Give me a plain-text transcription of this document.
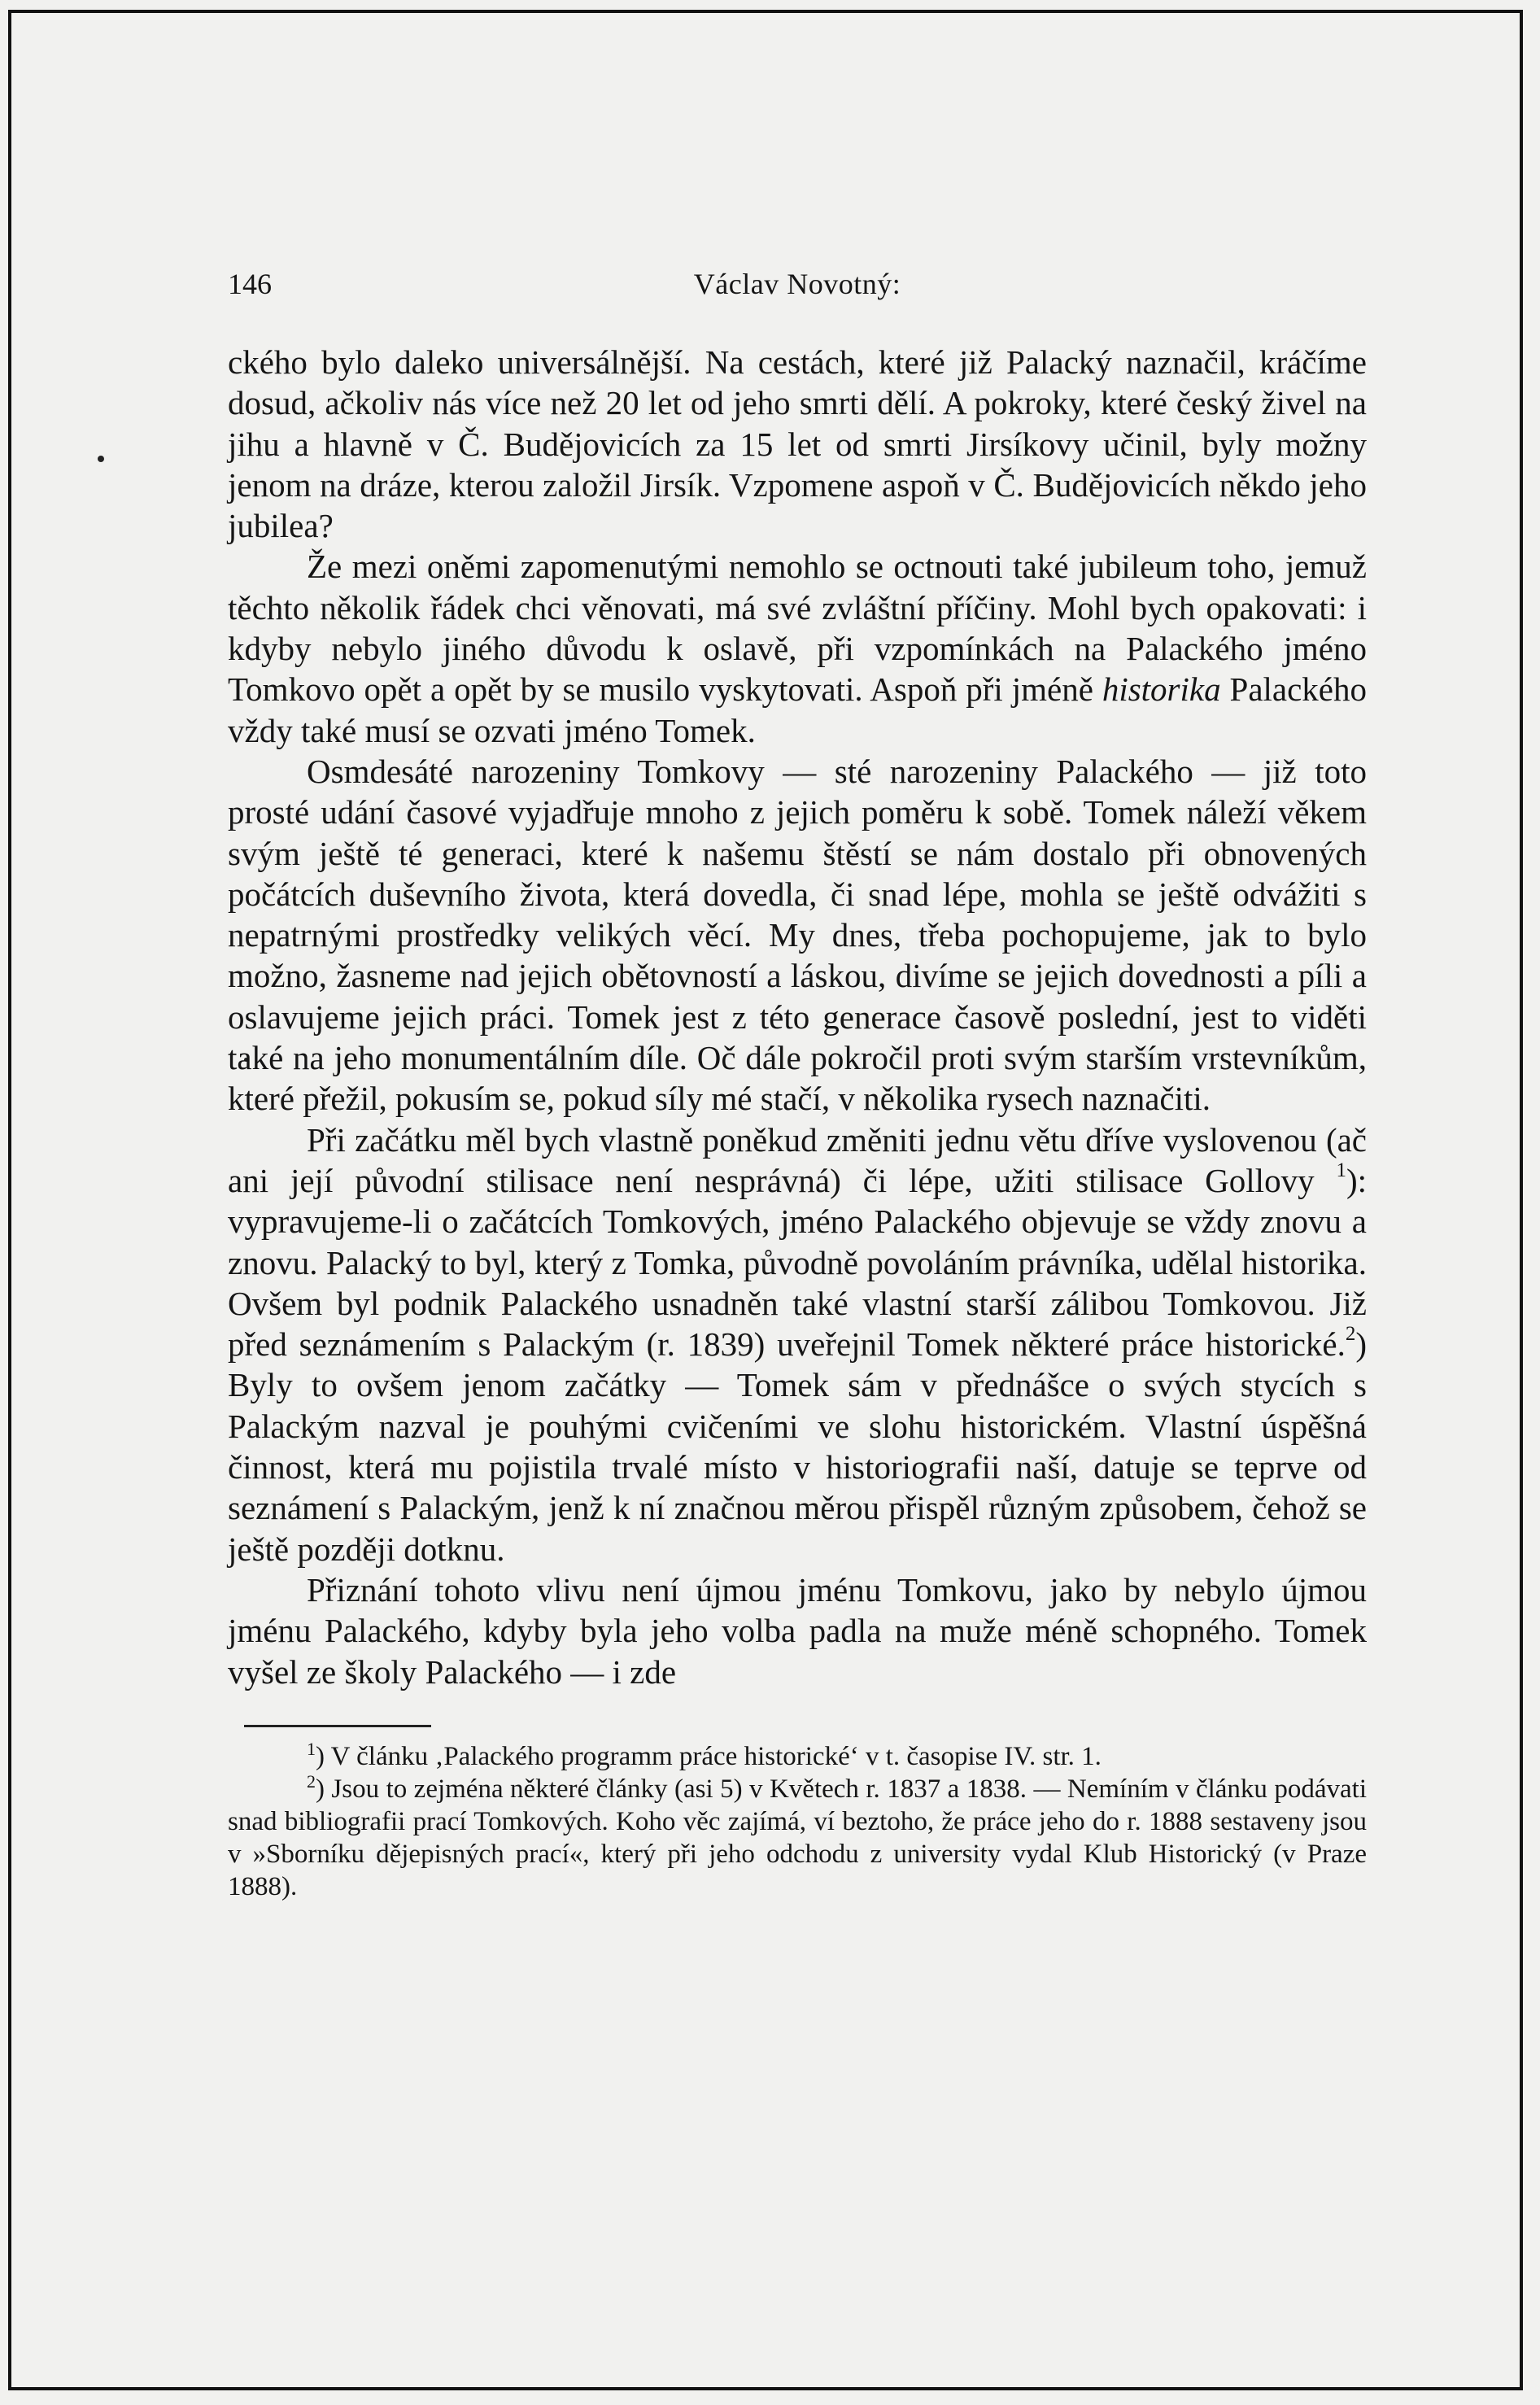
146	Václav Novotný:

ckého bylo daleko universálnější. Na cestách, které již Palacký naznačil, kráčíme dosud, ačkoliv nás více než 20 let od jeho smrti dělí. A pokroky, které český živel na jihu a hlavně v Č. Budějovicích za 15 let od smrti Jirsíkovy učinil, byly možny jenom na dráze, kterou založil Jirsík. Vzpomene aspoň v Č. Budějovicích někdo jeho jubilea?

Že mezi oněmi zapomenutými nemohlo se octnouti také jubileum toho, jemuž těchto několik řádek chci věnovati, má své zvláštní příčiny. Mohl bych opakovati: i kdyby nebylo jiného důvodu k oslavě, při vzpomínkách na Palackého jméno Tomkovo opět a opět by se musilo vyskytovati. Aspoň při jméně historika Palackého vždy také musí se ozvati jméno Tomek.

Osmdesáté narozeniny Tomkovy — sté narozeniny Palackého — již toto prosté udání časové vyjadřuje mnoho z jejich poměru k sobě. Tomek náleží věkem svým ještě té generaci, které k našemu štěstí se nám dostalo při obnovených počátcích duševního života, která dovedla, či snad lépe, mohla se ještě odvážiti s nepatrnými prostředky velikých věcí. My dnes, třeba pochopujeme, jak to bylo možno, žasneme nad jejich obětovností a láskou, divíme se jejich dovednosti a píli a oslavujeme jejich práci. Tomek jest z této generace časově poslední, jest to viděti také na jeho monumentálním díle. Oč dále pokročil proti svým starším vrstevníkům, které přežil, pokusím se, pokud síly mé stačí, v několika rysech naznačiti.

Při začátku měl bych vlastně poněkud změniti jednu větu dříve vyslovenou (ač ani její původní stilisace není nesprávná) či lépe, užiti stilisace Gollovy $^1$): vypravujeme-li o začátcích Tomkových, jméno Palackého objevuje se vždy znovu a znovu. Palacký to byl, který z Tomka, původně povoláním právníka, udělal historika. Ovšem byl podnik Palackého usnadněn také vlastní starší zálibou Tomkovou. Již před seznámením s Palackým (r. 1839) uveřejnil Tomek některé práce historické.$^2$) Byly to ovšem jenom začátky — Tomek sám v přednášce o svých stycích s Palackým nazval je pouhými cvičeními ve slohu historickém. Vlastní úspěšná činnost, která mu pojistila trvalé místo v historiografii naší, datuje se teprve od seznámení s Palackým, jenž k ní značnou měrou přispěl různým způsobem, čehož se ještě později dotknu.

Přiznání tohoto vlivu není újmou jménu Tomkovu, jako by nebylo újmou jménu Palackého, kdyby byla jeho volba padla na muže méně schopného. Tomek vyšel ze školy Palackého — i zde

$^1$) V článku ‚Palackého programm práce historické‘ v t. časopise IV. str. 1.

$^2$) Jsou to zejména některé články (asi 5) v Květech r. 1837 a 1838. — Nemíním v článku podávati snad bibliografii prací Tomkových. Koho věc zajímá, ví beztoho, že práce jeho do r. 1888 sestaveny jsou v »Sborníku dějepisných prací«, který při jeho odchodu z university vydal Klub Historický (v Praze 1888).
